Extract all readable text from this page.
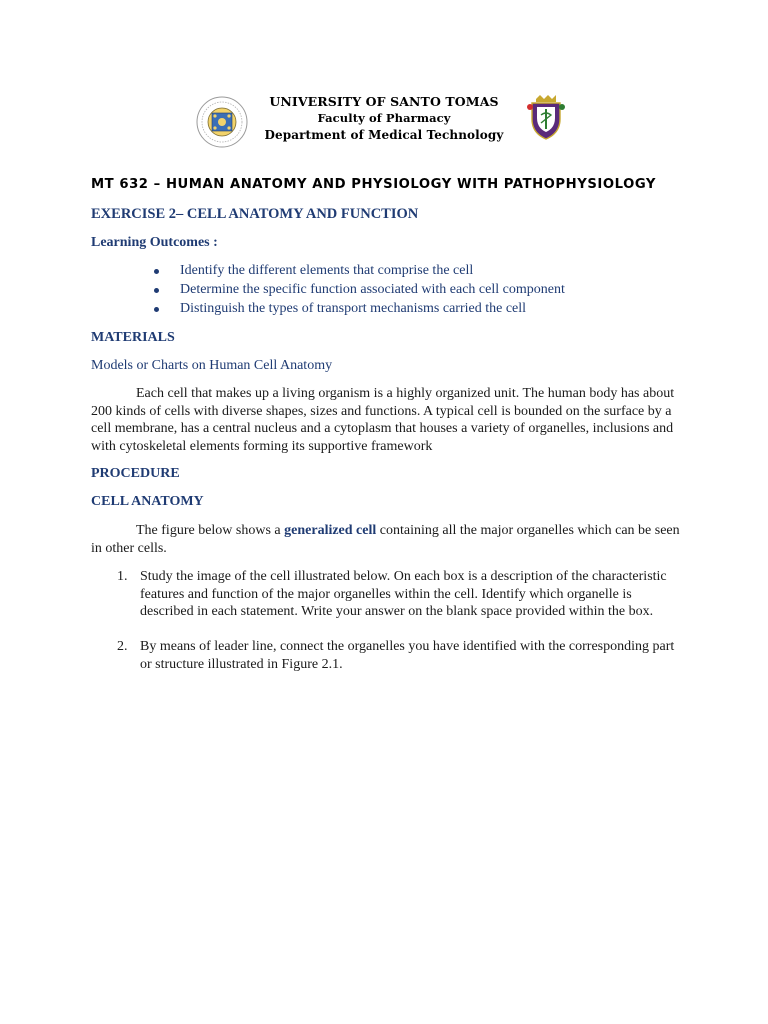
UNIVERSITY OF SANTO TOMAS
Faculty of Pharmacy
Department of Medical Technology
MT 632 – HUMAN ANATOMY AND PHYSIOLOGY WITH PATHOPHYSIOLOGY
EXERCISE 2– CELL ANATOMY AND FUNCTION
Learning Outcomes :
Identify the different elements that comprise the cell
Determine the specific function associated with each cell component
Distinguish the types of transport mechanisms carried the cell
MATERIALS
Models or Charts on Human Cell Anatomy

Each cell that makes up a living organism is a highly organized unit. The human body has about 200 kinds of cells with diverse shapes, sizes and functions. A typical cell is bounded on the surface by a cell membrane, has a central nucleus and a cytoplasm that houses a variety of organelles, inclusions and with cytoskeletal elements forming its supportive framework

PROCEDURE
CELL ANATOMY

The figure below shows a generalized cell containing all the major organelles which can be seen in other cells.

1. Study the image of the cell illustrated below. On each box is a description of the characteristic features and function of the major organelles within the cell. Identify which organelle is described in each statement. Write your answer on the blank space provided within the box.
2. By means of leader line, connect the organelles you have identified with the corresponding part or structure illustrated in Figure 2.1.
